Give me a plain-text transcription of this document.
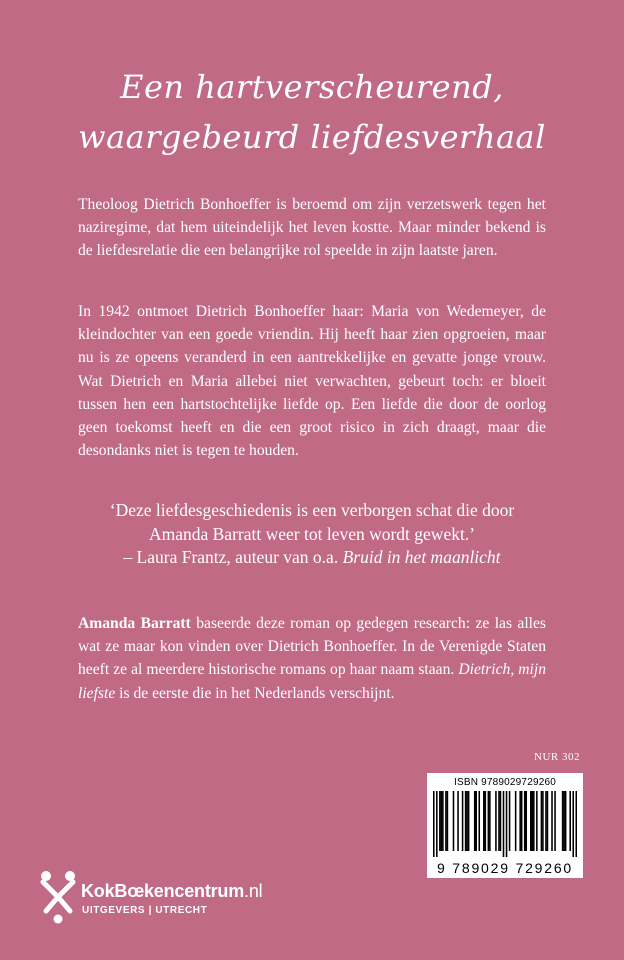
Een hartverscheurend,
waargebeurd liefdesverhaal

Theoloog Dietrich Bonhoeffer is beroemd om zijn verzetswerk tegen het naziregime, dat hem uiteindelijk het leven kostte. Maar minder bekend is de liefdesrelatie die een belangrijke rol speelde in zijn laatste jaren.

In 1942 ontmoet Dietrich Bonhoeffer haar: Maria von Wedemeyer, de kleindochter van een goede vriendin. Hij heeft haar zien opgroeien, maar nu is ze opeens veranderd in een aantrekkelijke en gevatte jonge vrouw. Wat Dietrich en Maria allebei niet verwachten, gebeurt toch: er bloeit tussen hen een hartstochtelijke liefde op. Een liefde die door de oorlog geen toekomst heeft en die een groot risico in zich draagt, maar die desondanks niet is tegen te houden.

‘Deze liefdesgeschiedenis is een verborgen schat die door
Amanda Barratt weer tot leven wordt gewekt.’
– Laura Frantz, auteur van o.a. Bruid in het maanlicht

Amanda Barratt baseerde deze roman op gedegen research: ze las alles wat ze maar kon vinden over Dietrich Bonhoeffer. In de Verenigde Staten heeft ze al meerdere historische romans op haar naam staan. Dietrich, mijn liefste is de eerste die in het Nederlands verschijnt.

NUR 302
ISBN 9789029729260
9 789029 729260
KokBœkencentrum.nl
UITGEVERS | UTRECHT
